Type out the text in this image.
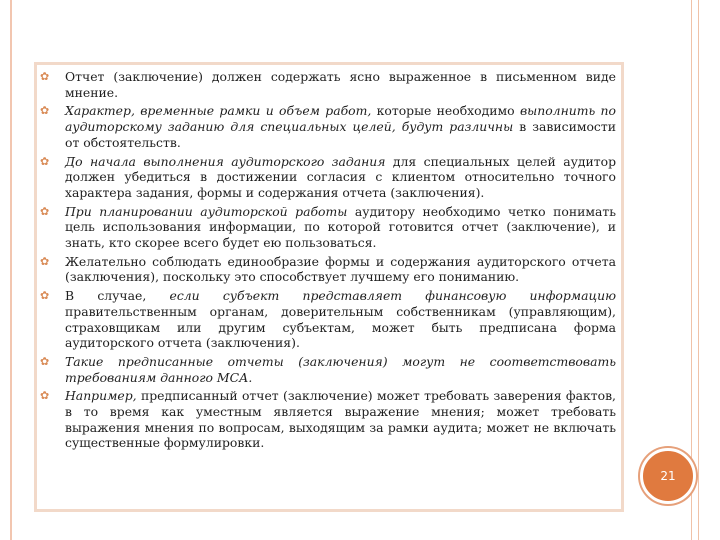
✿ Отчет (заключение) должен содержать ясно выраженное в письменном виде мнение.
✿ Характер, временные рамки и объем работ, которые необходимо выполнить по аудиторскому заданию для специальных целей, будут различны в зависимости от обстоятельств.
✿ До начала выполнения аудиторского задания для специальных целей аудитор должен убедиться в достижении согласия с клиентом относительно точного характера задания, формы и содержания отчета (заключения).
✿ При планировании аудиторской работы аудитору необходимо четко понимать цель использования информации, по которой готовится отчет (заключение), и знать, кто скорее всего будет ею пользоваться.
✿ Желательно соблюдать единообразие формы и содержания аудиторского отчета (заключения), поскольку это способствует лучшему его пониманию.
✿ В случае, если субъект представляет финансовую информацию правительственным органам, доверительным собственникам (управляющим), страховщикам или другим субъектам, может быть предписана форма аудиторского отчета (заключения).
✿ Такие предписанные отчеты (заключения) могут не соответствовать требованиям данного МСА.
✿ Например, предписанный отчет (заключение) может требовать заверения фактов, в то время как уместным является выражение мнения; может требовать выражения мнения по вопросам, выходящим за рамки аудита; может не включать существенные формулировки.
21
